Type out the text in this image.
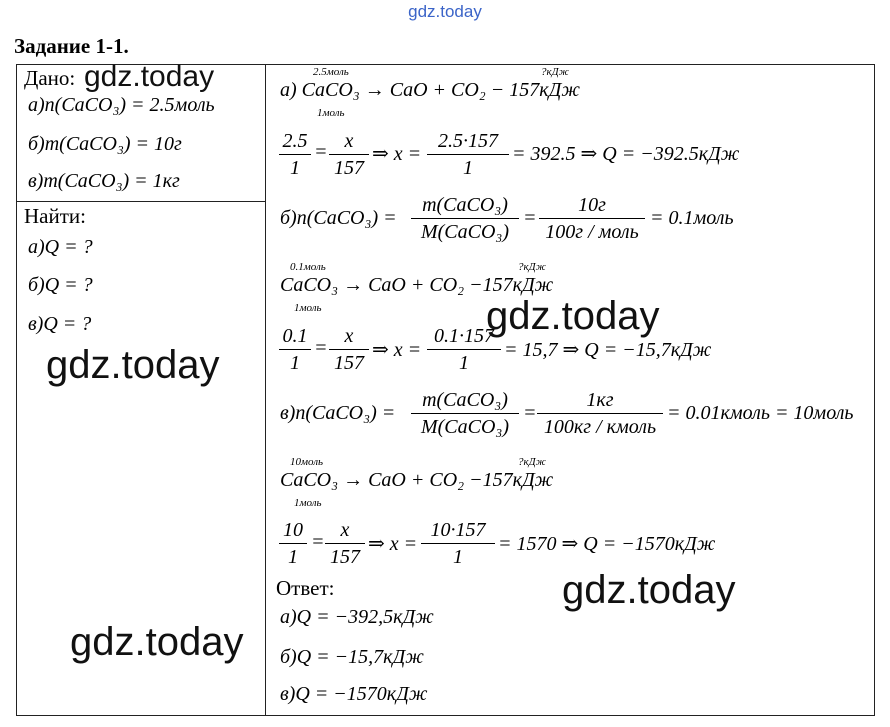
gdz.today
Задание 1-1.
Дано:
а)n(CaCO₃) = 2.5моль
б)m(CaCO₃) = 10г
в)m(CaCO₃) = 1кг
Найти:
а)Q = ?
б)Q = ?
в)Q = ?
2.5моль	?кДж
а) CaCO₃ → CaO + CO₂ − 157кДж
1моль
2.5
1
= x
157
⇒ x =
2.5·157
1
= 392.5 ⇒ Q = −392.5кДж
б)n(CaCO₃) =
m(CaCO₃)
M(CaCO₃)
=
10г
100г / моль
= 0.1моль
0.1моль	?кДж
CaCO₃ → CaO + CO₂ −157кДж
1моль
0.1
1
=
x
157
⇒ x =
0.1·157
1
= 15,7 ⇒ Q = −15,7кДж
в)n(CaCO₃) =
m(CaCO₃)
M(CaCO₃)
=
1кг
100кг / кмоль
= 0.01кмоль = 10моль
10моль	?кДж
CaCO₃ → CaO + CO₂ −157кДж
1моль
10
1
=
x
157
⇒ x =
10·157
1
= 1570 ⇒ Q = −1570кДж
Ответ:
а)Q = −392,5кДж
б)Q = −15,7кДж
в)Q = −1570кДж
gdz.today
gdz.today
gdz.today
gdz.today
gdz.today
